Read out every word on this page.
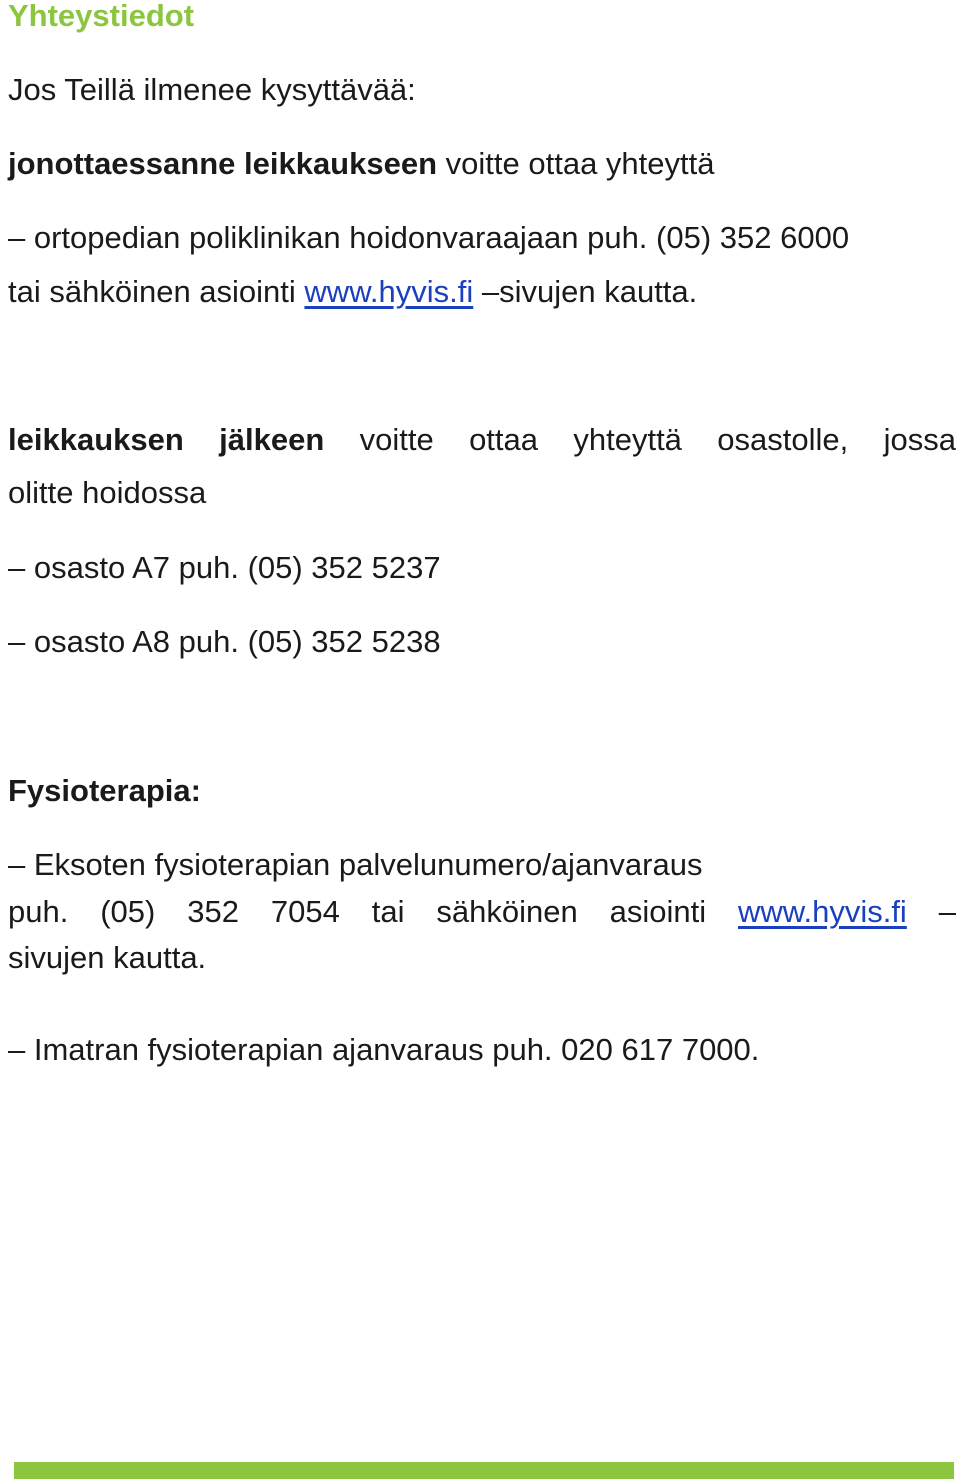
Yhteystiedot
Jos Teillä ilmenee kysyttävää:
jonottaessanne leikkaukseen voitte ottaa yhteyttä
– ortopedian poliklinikan hoidonvaraajaan puh. (05) 352 6000
tai sähköinen asiointi www.hyvis.fi –sivujen kautta.
leikkauksen jälkeen voitte ottaa yhteyttä osastolle, jossa
olitte hoidossa
– osasto A7 puh. (05) 352 5237
– osasto A8 puh. (05) 352 5238
Fysioterapia:
– Eksoten fysioterapian palvelunumero/ajanvaraus
puh. (05) 352 7054 tai sähköinen asiointi www.hyvis.fi –
sivujen kautta.
– Imatran fysioterapian ajanvaraus puh. 020 617 7000.
